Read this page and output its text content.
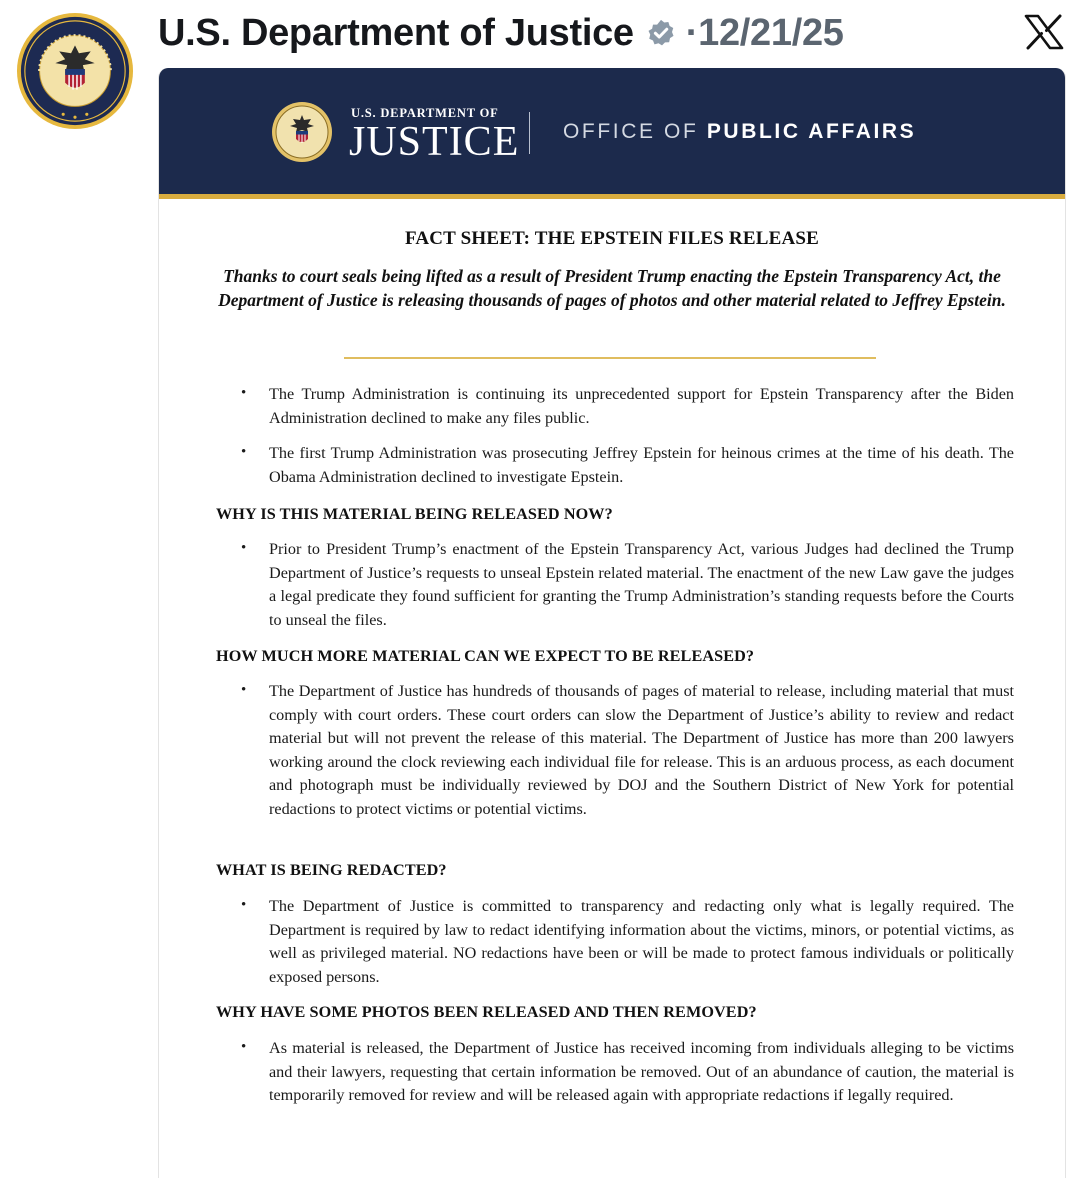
U.S. Department of Justice ·12/21/25
U.S. DEPARTMENT OF
JUSTICE OFFICE OF PUBLIC AFFAIRS
FACT SHEET: THE EPSTEIN FILES RELEASE
Thanks to court seals being lifted as a result of President Trump enacting the Epstein Transparency Act, the Department of Justice is releasing thousands of pages of photos and other material related to Jeffrey Epstein.
• The Trump Administration is continuing its unprecedented support for Epstein Transparency after the Biden Administration declined to make any files public.
• The first Trump Administration was prosecuting Jeffrey Epstein for heinous crimes at the time of his death. The Obama Administration declined to investigate Epstein.
WHY IS THIS MATERIAL BEING RELEASED NOW?
• Prior to President Trump’s enactment of the Epstein Transparency Act, various Judges had declined the Trump Department of Justice’s requests to unseal Epstein related material. The enactment of the new Law gave the judges a legal predicate they found sufficient for granting the Trump Administration’s standing requests before the Courts to unseal the files.
HOW MUCH MORE MATERIAL CAN WE EXPECT TO BE RELEASED?
• The Department of Justice has hundreds of thousands of pages of material to release, including material that must comply with court orders. These court orders can slow the Department of Justice’s ability to review and redact material but will not prevent the release of this material. The Department of Justice has more than 200 lawyers working around the clock reviewing each individual file for release. This is an arduous process, as each document and photograph must be individually reviewed by DOJ and the Southern District of New York for potential redactions to protect victims or potential victims.
WHAT IS BEING REDACTED?
• The Department of Justice is committed to transparency and redacting only what is legally required. The Department is required by law to redact identifying information about the victims, minors, or potential victims, as well as privileged material. NO redactions have been or will be made to protect famous individuals or politically exposed persons.
WHY HAVE SOME PHOTOS BEEN RELEASED AND THEN REMOVED?
• As material is released, the Department of Justice has received incoming from individuals alleging to be victims and their lawyers, requesting that certain information be removed. Out of an abundance of caution, the material is temporarily removed for review and will be released again with appropriate redactions if legally required.
